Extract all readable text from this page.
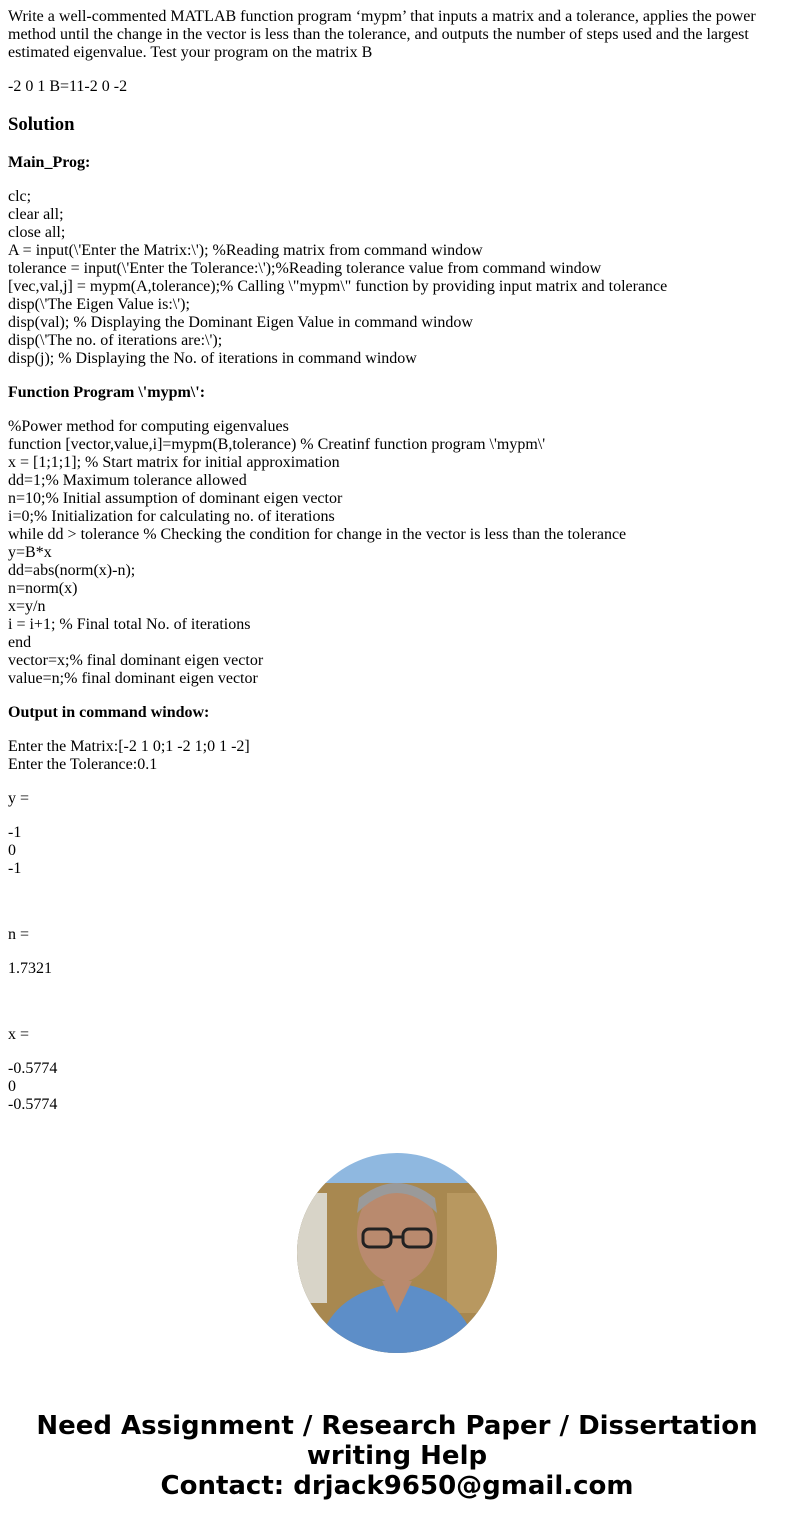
Write a well-commented MATLAB function program ‘mypm’ that inputs a matrix and a tolerance, applies the power method until the change in the vector is less than the tolerance, and outputs the number of steps used and the largest estimated eigenvalue. Test your program on the matrix B

-2 0 1 B=11-2 0 -2

Solution

Main_Prog:

clc;
clear all;
close all;
A = input(\'Enter the Matrix:\'); %Reading matrix from command window
tolerance = input(\'Enter the Tolerance:\');%Reading tolerance value from command window
[vec,val,j] = mypm(A,tolerance);% Calling \"mypm\" function by providing input matrix and tolerance
disp(\'The Eigen Value is:\');
disp(val); % Displaying the Dominant Eigen Value in command window
disp(\'The no. of iterations are:\');
disp(j); % Displaying the No. of iterations in command window

Function Program \'mypm\':

%Power method for computing eigenvalues
function [vector,value,i]=mypm(B,tolerance) % Creatinf function program \'mypm\'
x = [1;1;1]; % Start matrix for initial approximation
dd=1;% Maximum tolerance allowed
n=10;% Initial assumption of dominant eigen vector
i=0;% Initialization for calculating no. of iterations
while dd > tolerance % Checking the condition for change in the vector is less than the tolerance
y=B*x
dd=abs(norm(x)-n);
n=norm(x)
x=y/n
i = i+1; % Final total No. of iterations
end
vector=x;% final dominant eigen vector
value=n;% final dominant eigen vector

Output in command window:

Enter the Matrix:[-2 1 0;1 -2 1;0 1 -2]
Enter the Tolerance:0.1

y =

-1
0
-1

n =

1.7321

x =

-0.5774
0
-0.5774

Need Assignment / Research Paper / Dissertation
writing Help
Contact: drjack9650@gmail.com
